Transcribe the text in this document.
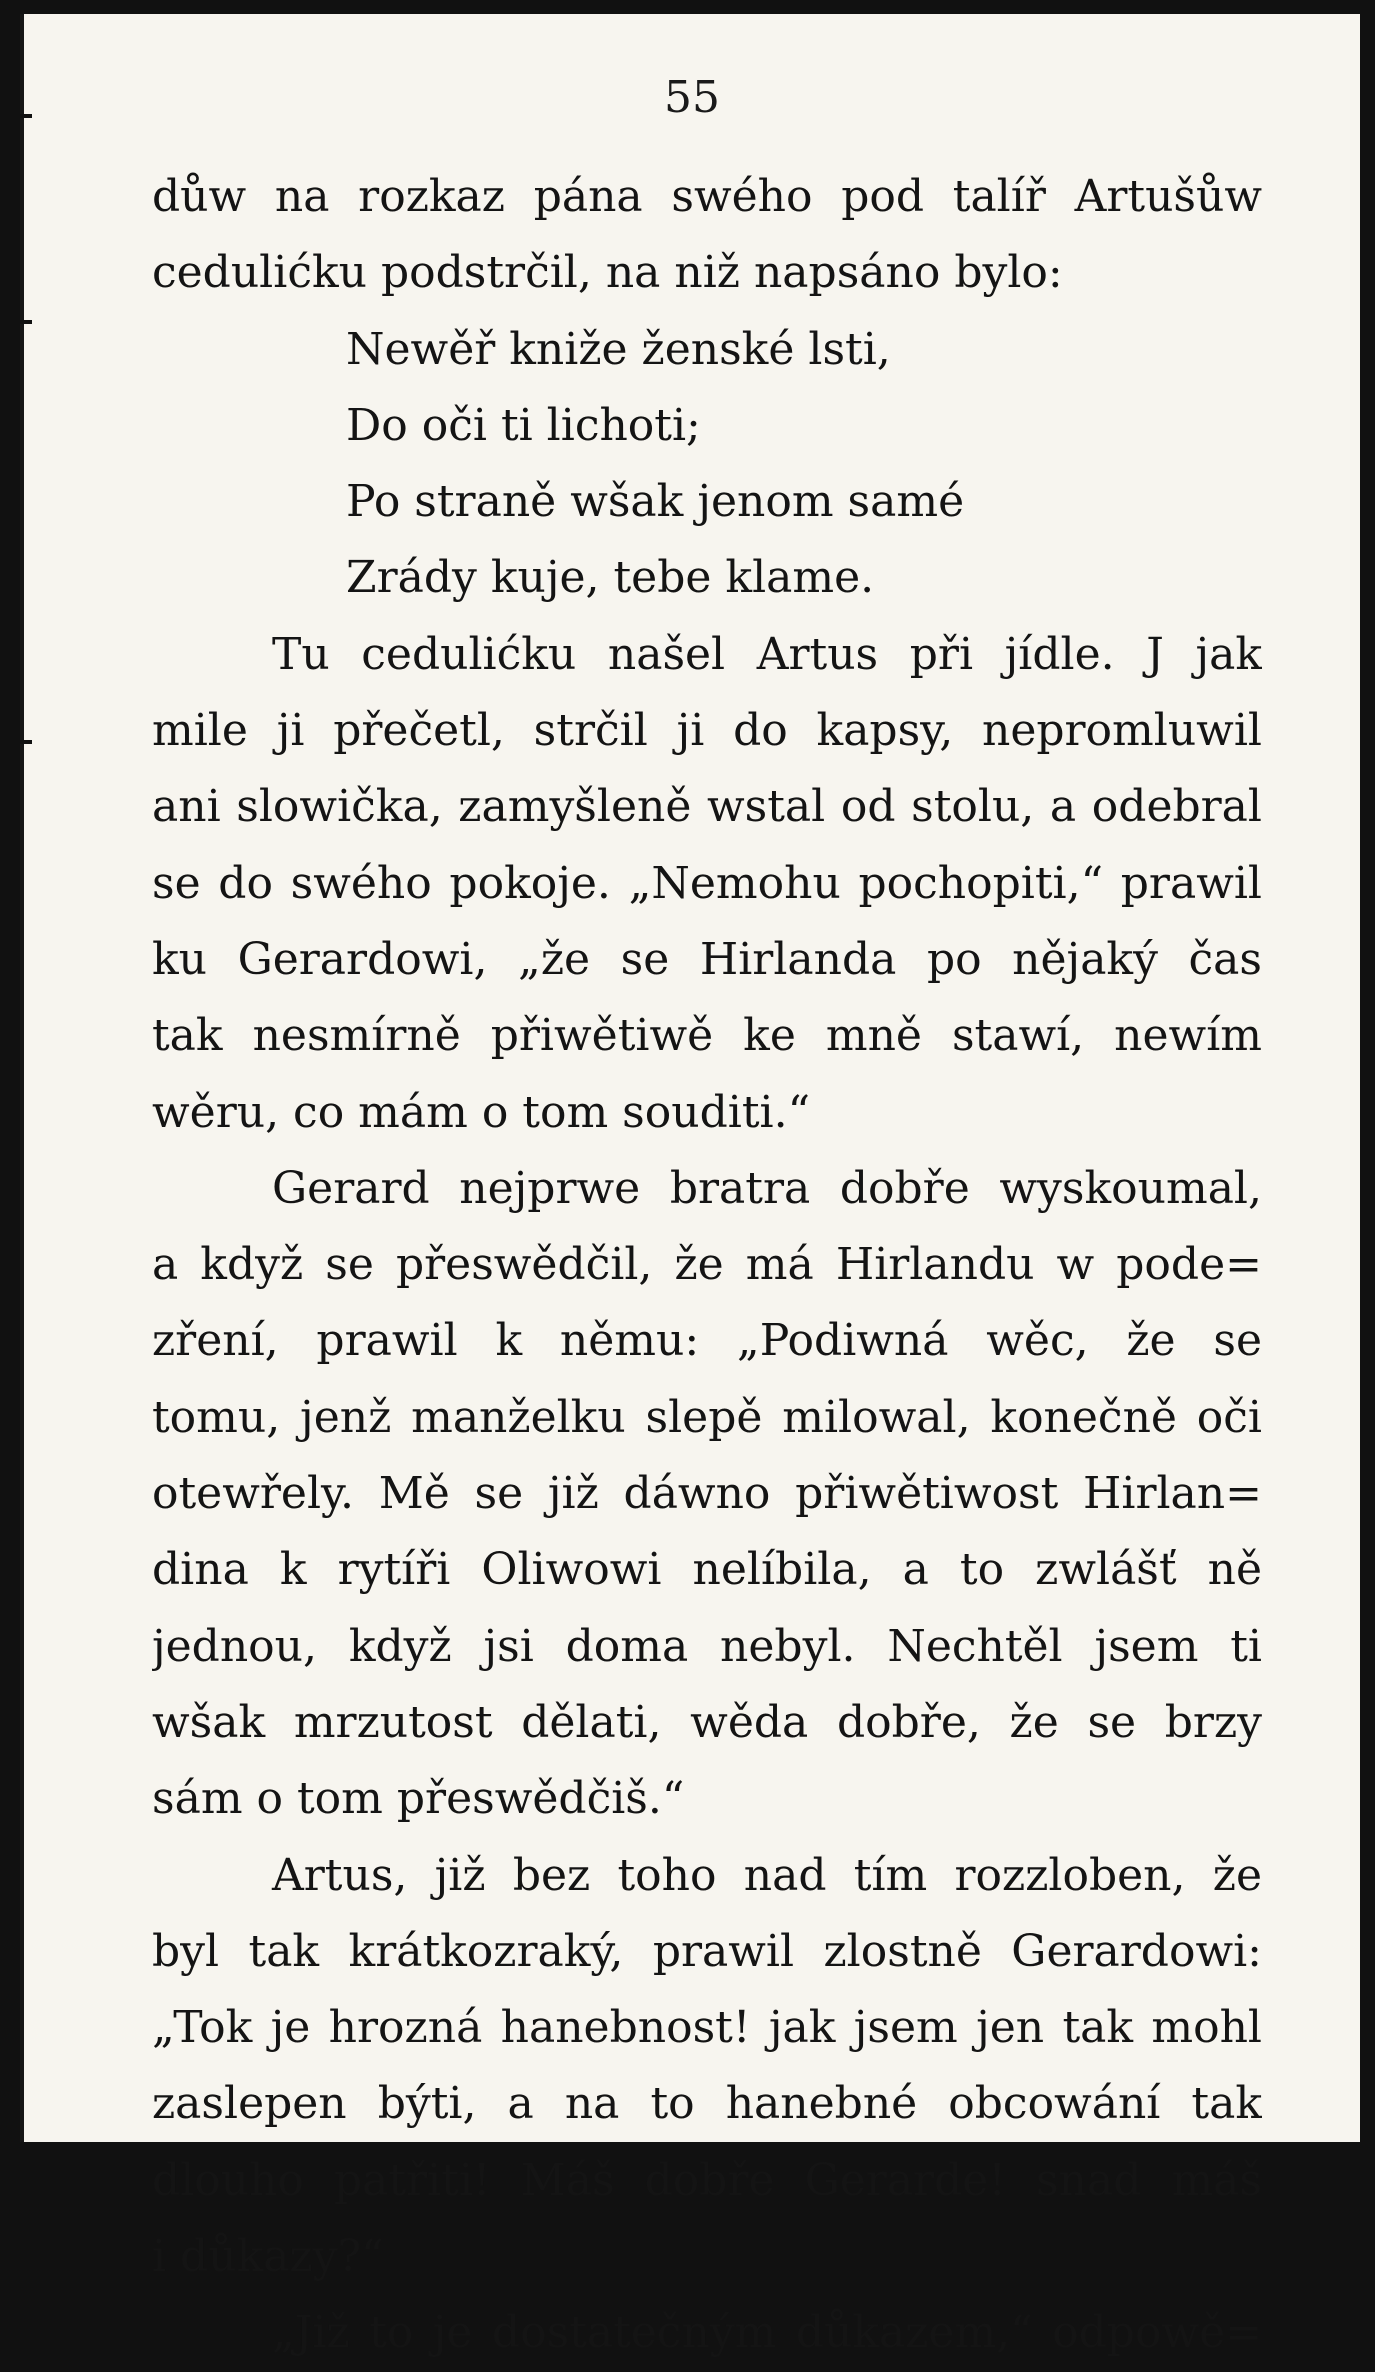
55
důw na rozkaz pána swého pod talíř Artušůw
cedulićku podstrčil, na niž napsáno bylo:
Newěř kniže ženské lsti,
Do oči ti lichoti;
Po straně wšak jenom samé
Zrády kuje, tebe klame.
Tu cedulićku našel Artus při jídle. J jak
mile ji přečetl, strčil ji do kapsy, nepromluwil
ani slowička, zamyšleně wstal od stolu, a odebral
se do swého pokoje. „Nemohu pochopiti,“ prawil
ku Gerardowi, „že se Hirlanda po nějaký čas
tak nesmírně přiwětiwě ke mně stawí, newím
wěru, co mám o tom souditi.“
Gerard nejprwe bratra dobře wyskoumal,
a když se přeswědčil, že má Hirlandu w pode=
zření, prawil k němu: „Podiwná wěc, že se
tomu, jenž manželku slepě milowal, konečně oči
otewřely. Mě se již dáwno přiwětiwost Hirlan=
dina k rytíři Oliwowi nelíbila, a to zwlášť ně
jednou, když jsi doma nebyl. Nechtěl jsem ti
wšak mrzutost dělati, wěda dobře, že se brzy
sám o tom přeswědčiš.“
Artus, již bez toho nad tím rozzloben, že
byl tak krátkozraký, prawil zlostně Gerardowi:
„Tok je hrozná hanebnost! jak jsem jen tak mohl
zaslepen býti, a na to hanebné obcowání tak
dlouho patřiti! Máš dobře Gerarde! snad máš
i důkazy?“
„Již to je dostatečným důkazem,“ odpowě=
